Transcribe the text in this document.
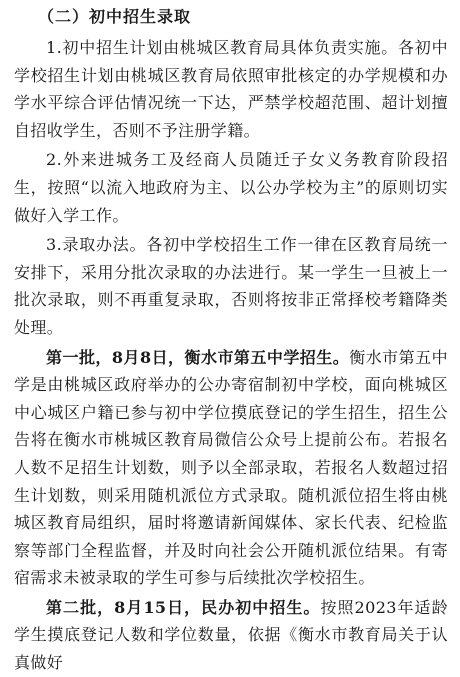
（二）初中招生录取

1.初中招生计划由桃城区教育局具体负责实施。各初中学校招生计划由桃城区教育局依照审批核定的办学规模和办学水平综合评估情况统一下达，严禁学校超范围、超计划擅自招收学生，否则不予注册学籍。

2.外来进城务工及经商人员随迁子女义务教育阶段招生，按照“以流入地政府为主、以公办学校为主”的原则切实做好入学工作。

3.录取办法。各初中学校招生工作一律在区教育局统一安排下，采用分批次录取的办法进行。某一学生一旦被上一批次录取，则不再重复录取，否则将按非正常择校考籍降类处理。

第一批，8月8日，衡水市第五中学招生。衡水市第五中学是由桃城区政府举办的公办寄宿制初中学校，面向桃城区中心城区户籍已参与初中学位摸底登记的学生招生，招生公告将在衡水市桃城区教育局微信公众号上提前公布。若报名人数不足招生计划数，则予以全部录取，若报名人数超过招生计划数，则采用随机派位方式录取。随机派位招生将由桃城区教育局组织，届时将邀请新闻媒体、家长代表、纪检监察等部门全程监督，并及时向社会公开随机派位结果。有寄宿需求未被录取的学生可参与后续批次学校招生。

第二批，8月15日，民办初中招生。按照2023年适龄学生摸底登记人数和学位数量，依据《衡水市教育局关于认真做好
